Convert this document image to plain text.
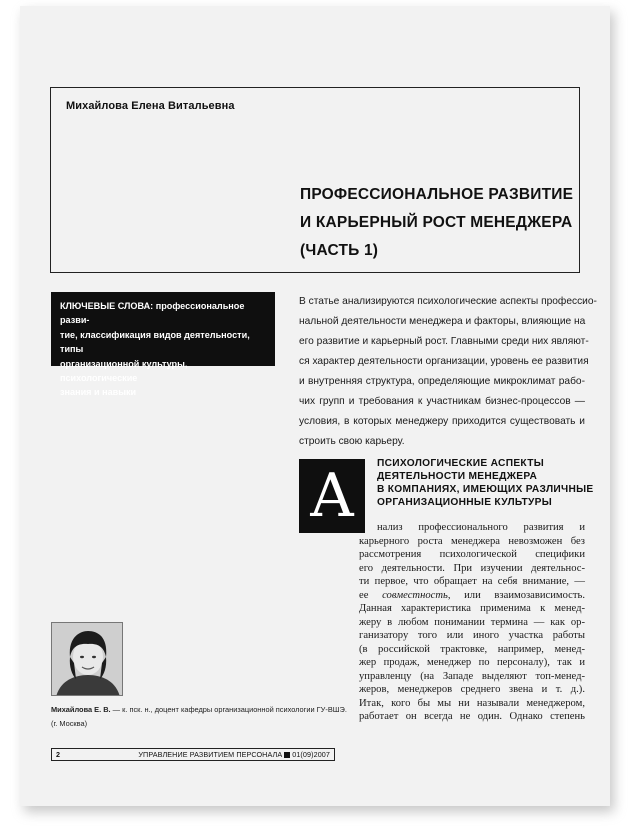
Михайлова Елена Витальевна
ПРОФЕССИОНАЛЬНОЕ РАЗВИТИЕ
И КАРЬЕРНЫЙ РОСТ МЕНЕДЖЕРА
(ЧАСТЬ 1)
КЛЮЧЕВЫЕ СЛОВА: профессиональное разви-
тие, классификация видов деятельности, типы
организационной культуры, психологические
знания и навыки
В статье анализируются психологические аспекты профессио-
нальной деятельности менеджера и факторы, влияющие на
его развитие и карьерный рост. Главными среди них являют-
ся характер деятельности организации, уровень ее развития
и внутренняя структура, определяющие микроклимат рабо-
чих групп и требования к участникам бизнес-процессов —
условия, в которых менеджеру приходится существовать и
строить свою карьеру.
А	ПСИХОЛОГИЧЕСКИЕ АСПЕКТЫ
ДЕЯТЕЛЬНОСТИ МЕНЕДЖЕРА
В КОМПАНИЯХ, ИМЕЮЩИХ РАЗЛИЧНЫЕ
ОРГАНИЗАЦИОННЫЕ КУЛЬТУРЫ
нализ профессионального развития и
карьерного роста менеджера невозможен без
рассмотрения психологической специфики
его деятельности. При изучении деятельнос-
ти первое, что обращает на себя внимание, —
ее совместность, или взаимозависимость.
Данная характеристика применима к менед-
жеру в любом понимании термина — как ор-
ганизатору того или иного участка работы
(в российской трактовке, например, менед-
жер продаж, менеджер по персоналу), так и
управленцу (на Западе выделяют топ-менед-
жеров, менеджеров среднего звена и т. д.).
Итак, кого бы мы ни называли менеджером,
работает он всегда не один. Однако степень
Михайлова Е. В. — к. пск. н., доцент кафедры организационной психологии ГУ-ВШЭ.
(г. Москва)
2	УПРАВЛЕНИЕ РАЗВИТИЕМ ПЕРСОНАЛА 01(09)2007
